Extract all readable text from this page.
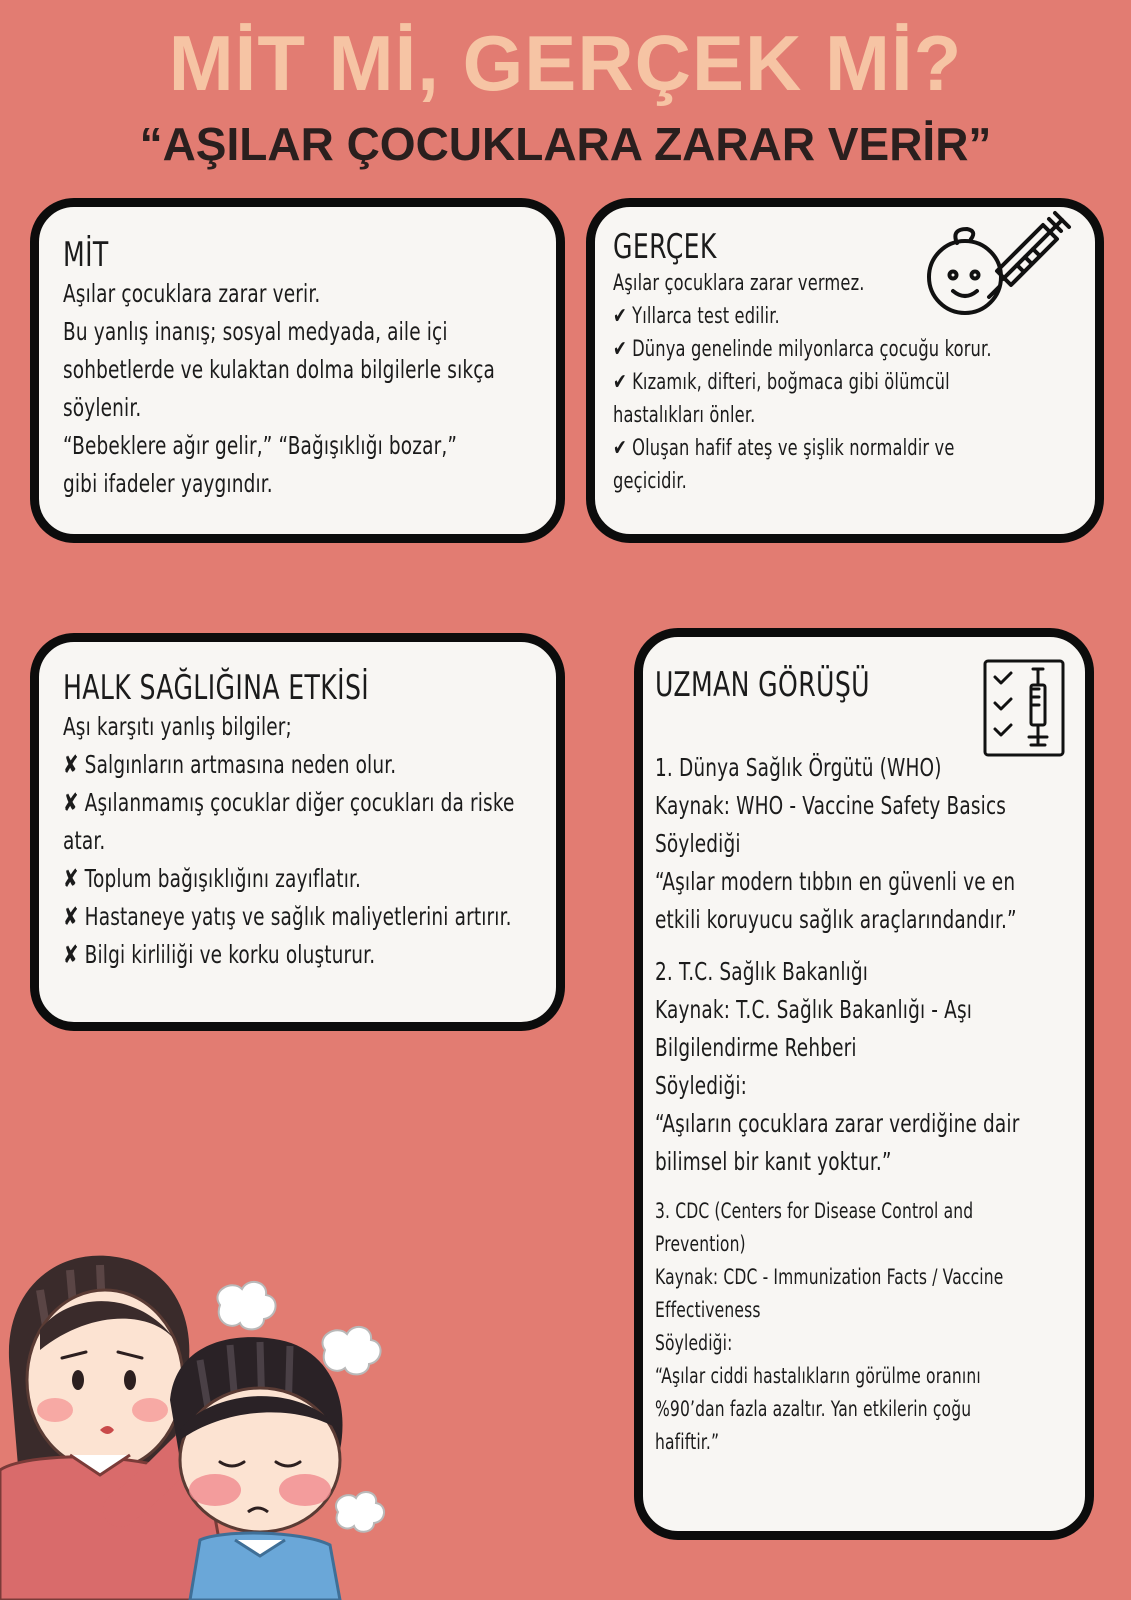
MİT Mİ, GERÇEK Mİ?
“AŞILAR ÇOCUKLARA ZARAR VERİR”

MİT

Aşılar çocuklara zarar verir.

Bu yanlış inanış; sosyal medyada, aile içi

sohbetlerde ve kulaktan dolma bilgilerle sıkça

söylenir.

“Bebeklere ağır gelir,” “Bağışıklığı bozar,”

gibi ifadeler yaygındır.

GERÇEK

Aşılar çocuklara zarar vermez.

✔ Yıllarca test edilir.

✔ Dünya genelinde milyonlarca çocuğu korur.

✔ Kızamık, difteri, boğmaca gibi ölümcül

hastalıkları önler.

✔ Oluşan hafif ateş ve şişlik normaldir ve

geçicidir.

HALK SAĞLIĞINA ETKİSİ

Aşı karşıtı yanlış bilgiler;

✘ Salgınların artmasına neden olur.

✘ Aşılanmamış çocuklar diğer çocukları da riske

atar.

✘ Toplum bağışıklığını zayıflatır.

✘ Hastaneye yatış ve sağlık maliyetlerini artırır.

✘ Bilgi kirliliği ve korku oluşturur.

UZMAN GÖRÜŞÜ

1. Dünya Sağlık Örgütü (WHO)

Kaynak: WHO - Vaccine Safety Basics

Söylediği

“Aşılar modern tıbbın en güvenli ve en

etkili koruyucu sağlık araçlarındandır.”

2. T.C. Sağlık Bakanlığı

Kaynak: T.C. Sağlık Bakanlığı - Aşı

Bilgilendirme Rehberi

Söylediği:

“Aşıların çocuklara zarar verdiğine dair

bilimsel bir kanıt yoktur.”

3. CDC (Centers for Disease Control and

Prevention)

Kaynak: CDC - Immunization Facts / Vaccine

Effectiveness

Söylediği:

“Aşılar ciddi hastalıkların görülme oranını

%90’dan fazla azaltır. Yan etkilerin çoğu

hafiftir.”
